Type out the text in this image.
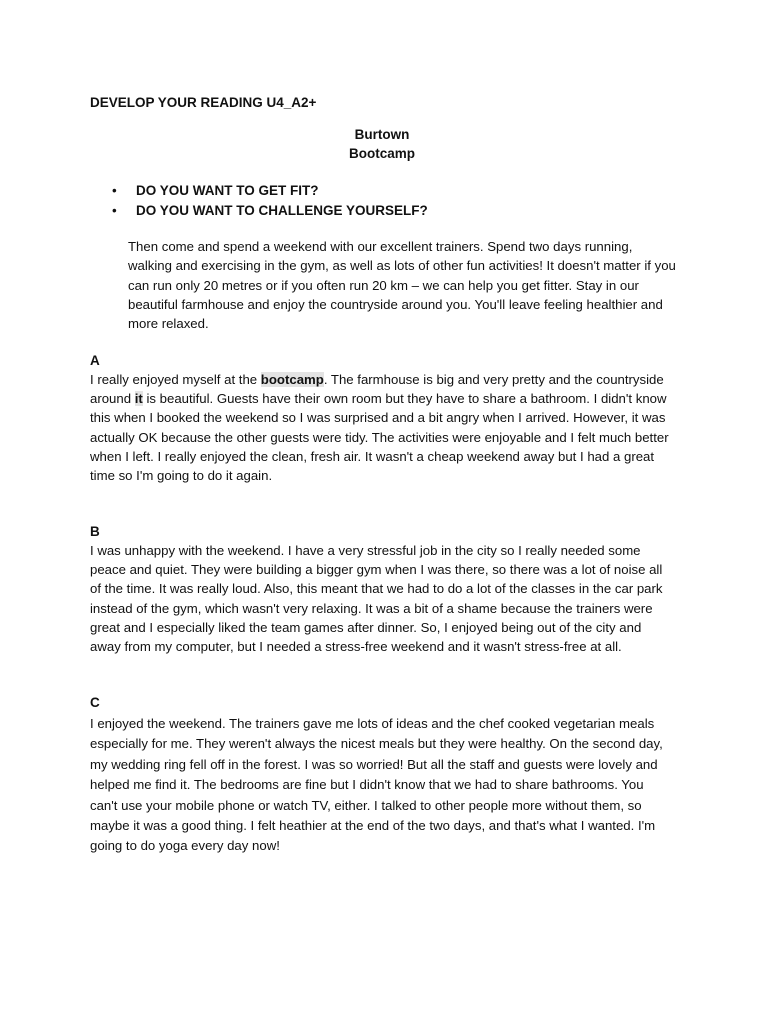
DEVELOP YOUR READING U4_A2+
Burtown
Bootcamp
• DO YOU WANT TO GET FIT?
• DO YOU WANT TO CHALLENGE YOURSELF?
Then come and spend a weekend with our excellent trainers. Spend two days running, walking and exercising in the gym, as well as lots of other fun activities! It doesn't matter if you can run only 20 metres or if you often run 20 km – we can help you get fitter. Stay in our beautiful farmhouse and enjoy the countryside around you. You'll leave feeling healthier and more relaxed.
A
I really enjoyed myself at the bootcamp. The farmhouse is big and very pretty and the countryside around it is beautiful. Guests have their own room but they have to share a bathroom. I didn't know this when I booked the weekend so I was surprised and a bit angry when I arrived. However, it was actually OK because the other guests were tidy. The activities were enjoyable and I felt much better when I left. I really enjoyed the clean, fresh air. It wasn't a cheap weekend away but I had a great time so I'm going to do it again.
B
I was unhappy with the weekend. I have a very stressful job in the city so I really needed some peace and quiet. They were building a bigger gym when I was there, so there was a lot of noise all of the time. It was really loud. Also, this meant that we had to do a lot of the classes in the car park instead of the gym, which wasn't very relaxing. It was a bit of a shame because the trainers were great and I especially liked the team games after dinner. So, I enjoyed being out of the city and away from my computer, but I needed a stress-free weekend and it wasn't stress-free at all.
C
I enjoyed the weekend. The trainers gave me lots of ideas and the chef cooked vegetarian meals especially for me. They weren't always the nicest meals but they were healthy. On the second day, my wedding ring fell off in the forest. I was so worried! But all the staff and guests were lovely and helped me find it. The bedrooms are fine but I didn't know that we had to share bathrooms. You can't use your mobile phone or watch TV, either. I talked to other people more without them, so maybe it was a good thing. I felt heathier at the end of the two days, and that's what I wanted. I'm going to do yoga every day now!
